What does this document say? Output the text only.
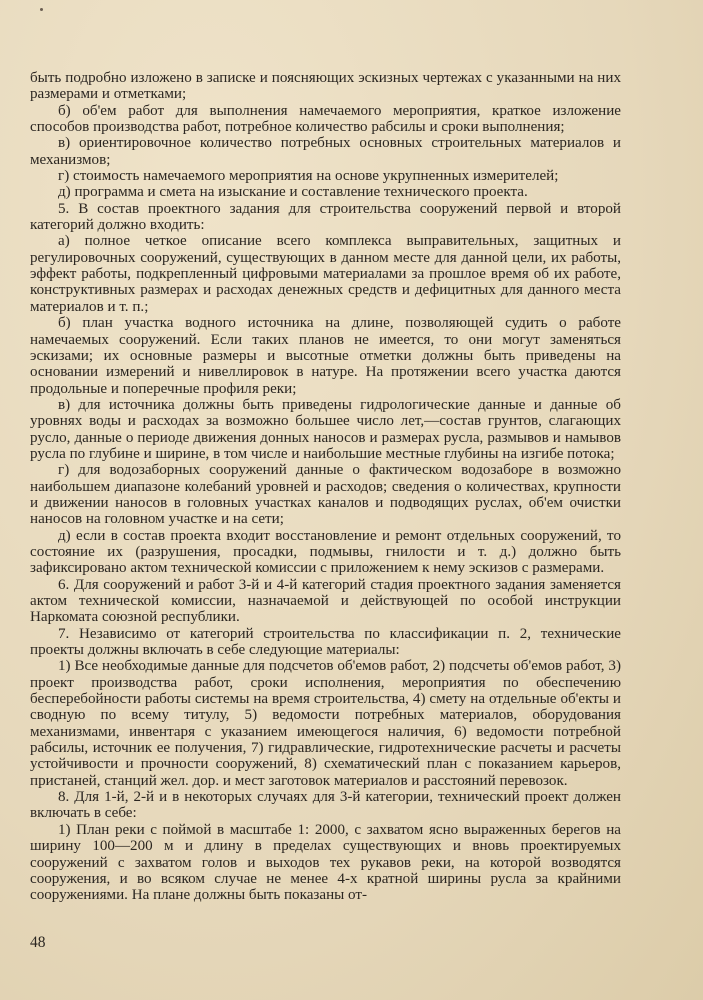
быть подробно изложено в записке и поясняющих эскизных чертежах с указанными на них размерами и отметками;

б) об'ем работ для выполнения намечаемого мероприятия, краткое изложение способов производства работ, потребное количество рабсилы и сроки выполнения;

в) ориентировочное количество потребных основных строительных материалов и механизмов;

г) стоимость намечаемого мероприятия на основе укрупненных измерителей;

д) программа и смета на изыскание и составление технического проекта.

5. В состав проектного задания для строительства сооружений первой и второй категорий должно входить:

а) полное четкое описание всего комплекса выправительных, защитных и регулировочных сооружений, существующих в данном месте для данной цели, их работы, эффект работы, подкрепленный цифровыми материалами за прошлое время об их работе, конструктивных размерах и расходах денежных средств и дефицитных для данного места материалов и т. п.;

б) план участка водного источника на длине, позволяющей судить о работе намечаемых сооружений. Если таких планов не имеется, то они могут заменяться эскизами; их основные размеры и высотные отметки должны быть приведены на основании измерений и нивеллировок в натуре. На протяжении всего участка даются продольные и поперечные профиля реки;

в) для источника должны быть приведены гидрологические данные и данные об уровнях воды и расходах за возможно большее число лет,—состав грунтов, слагающих русло, данные о периоде движения донных наносов и размерах русла, размывов и намывов русла по глубине и ширине, в том числе и наибольшие местные глубины на изгибе потока;

г) для водозаборных сооружений данные о фактическом водозаборе в возможно наибольшем диапазоне колебаний уровней и расходов; сведения о количествах, крупности и движении наносов в головных участках каналов и подводящих руслах, об'ем очистки наносов на головном участке и на сети;

д) если в состав проекта входит восстановление и ремонт отдельных сооружений, то состояние их (разрушения, просадки, подмывы, гнилости и т. д.) должно быть зафиксировано актом технической комиссии с приложением к нему эскизов с размерами.

6. Для сооружений и работ 3-й и 4-й категорий стадия проектного задания заменяется актом технической комиссии, назначаемой и действующей по особой инструкции Наркомата союзной республики.

7. Независимо от категорий строительства по классификации п. 2, технические проекты должны включать в себе следующие материалы:

1) Все необходимые данные для подсчетов об'емов работ, 2) подсчеты об'емов работ, 3) проект производства работ, сроки исполнения, мероприятия по обеспечению бесперебойности работы системы на время строительства, 4) смету на отдельные об'екты и сводную по всему титулу, 5) ведомости потребных материалов, оборудования механизмами, инвентаря с указанием имеющегося наличия, 6) ведомости потребной рабсилы, источник ее получения, 7) гидравлические, гидротехнические расчеты и расчеты устойчивости и прочности сооружений, 8) схематический план с показанием карьеров, пристаней, станций жел. дор. и мест заготовок материалов и расстояний перевозок.

8. Для 1-й, 2-й и в некоторых случаях для 3-й категории, технический проект должен включать в себе:

1) План реки с поймой в масштабе 1: 2000, с захватом ясно выраженных берегов на ширину 100—200 м и длину в пределах существующих и вновь проектируемых сооружений с захватом голов и выходов тех рукавов реки, на которой возводятся сооружения, и во всяком случае не менее 4-х кратной ширины русла за крайними сооружениями. На плане должны быть показаны от-

48
